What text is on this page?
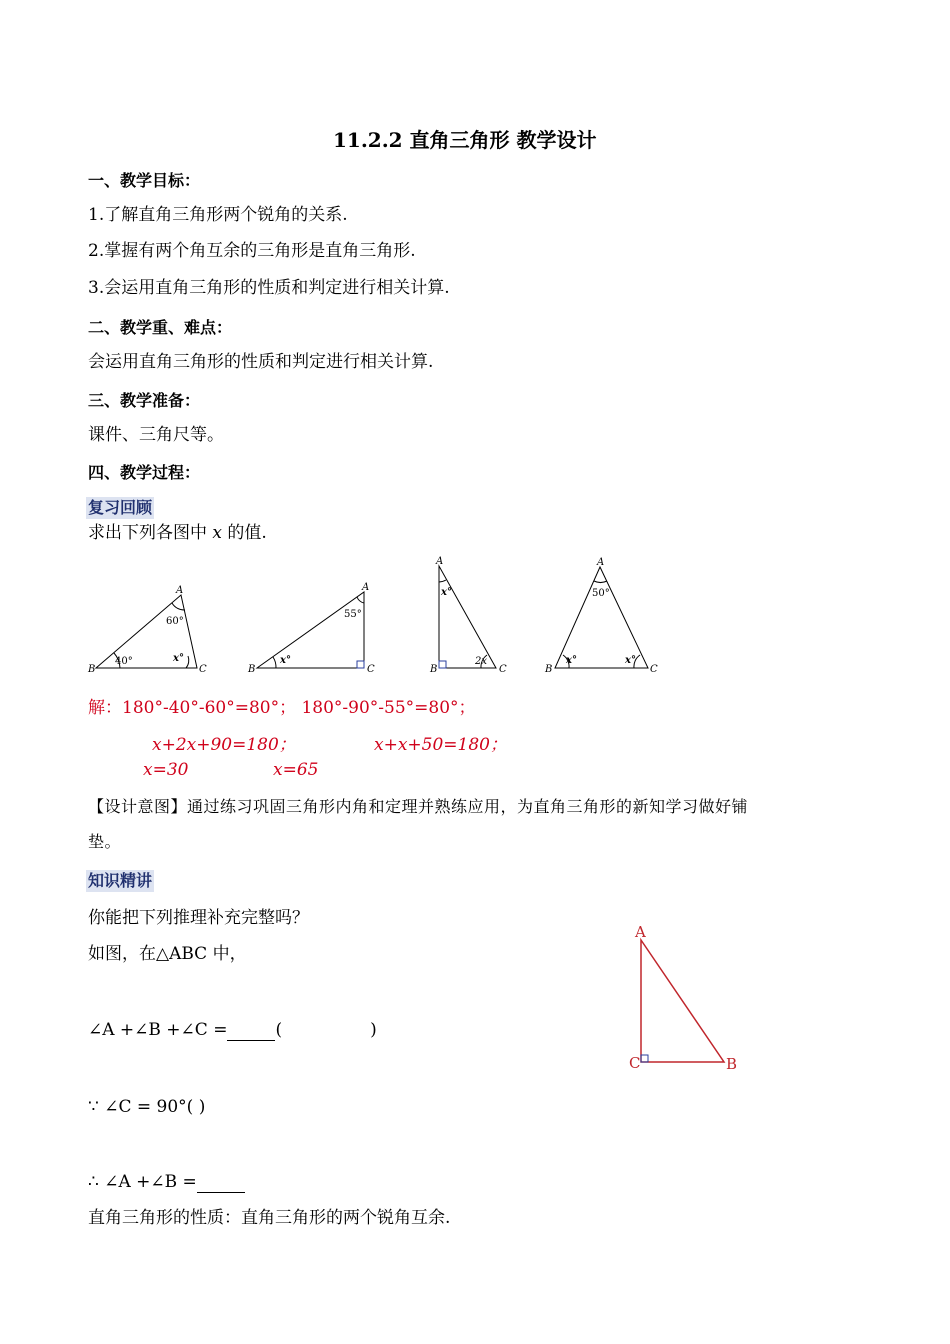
11.2.2 直角三角形 教学设计
一、教学目标：
1.了解直角三角形两个锐角的关系.
2.掌握有两个角互余的三角形是直角三角形.
3.会运用直角三角形的性质和判定进行相关计算.
二、教学重、难点：
会运用直角三角形的性质和判定进行相关计算.
三、教学准备：
课件、三角尺等。
四、教学过程：
复习回顾
求出下列各图中 x 的值.
A
B	C
60°
40°	x°
A
B	C
55°
x°
A
B	C
x°
2x
A
B	C
50°
x°	x°
解：180°-40°-60°=80°； 180°-90°-55°=80°；
x+2x+90=180；	x+x+50=180；
x=30	x=65
【设计意图】通过练习巩固三角形内角和定理并熟练应用，为直角三角形的新知学习做好铺
垫。
知识精讲
你能把下列推理补充完整吗？
如图，在△ABC 中，
∠A +∠B +∠C =	(	)
∵ ∠C = 90°( )
∴ ∠A +∠B =
直角三角形的性质：直角三角形的两个锐角互余.
A
C	B
